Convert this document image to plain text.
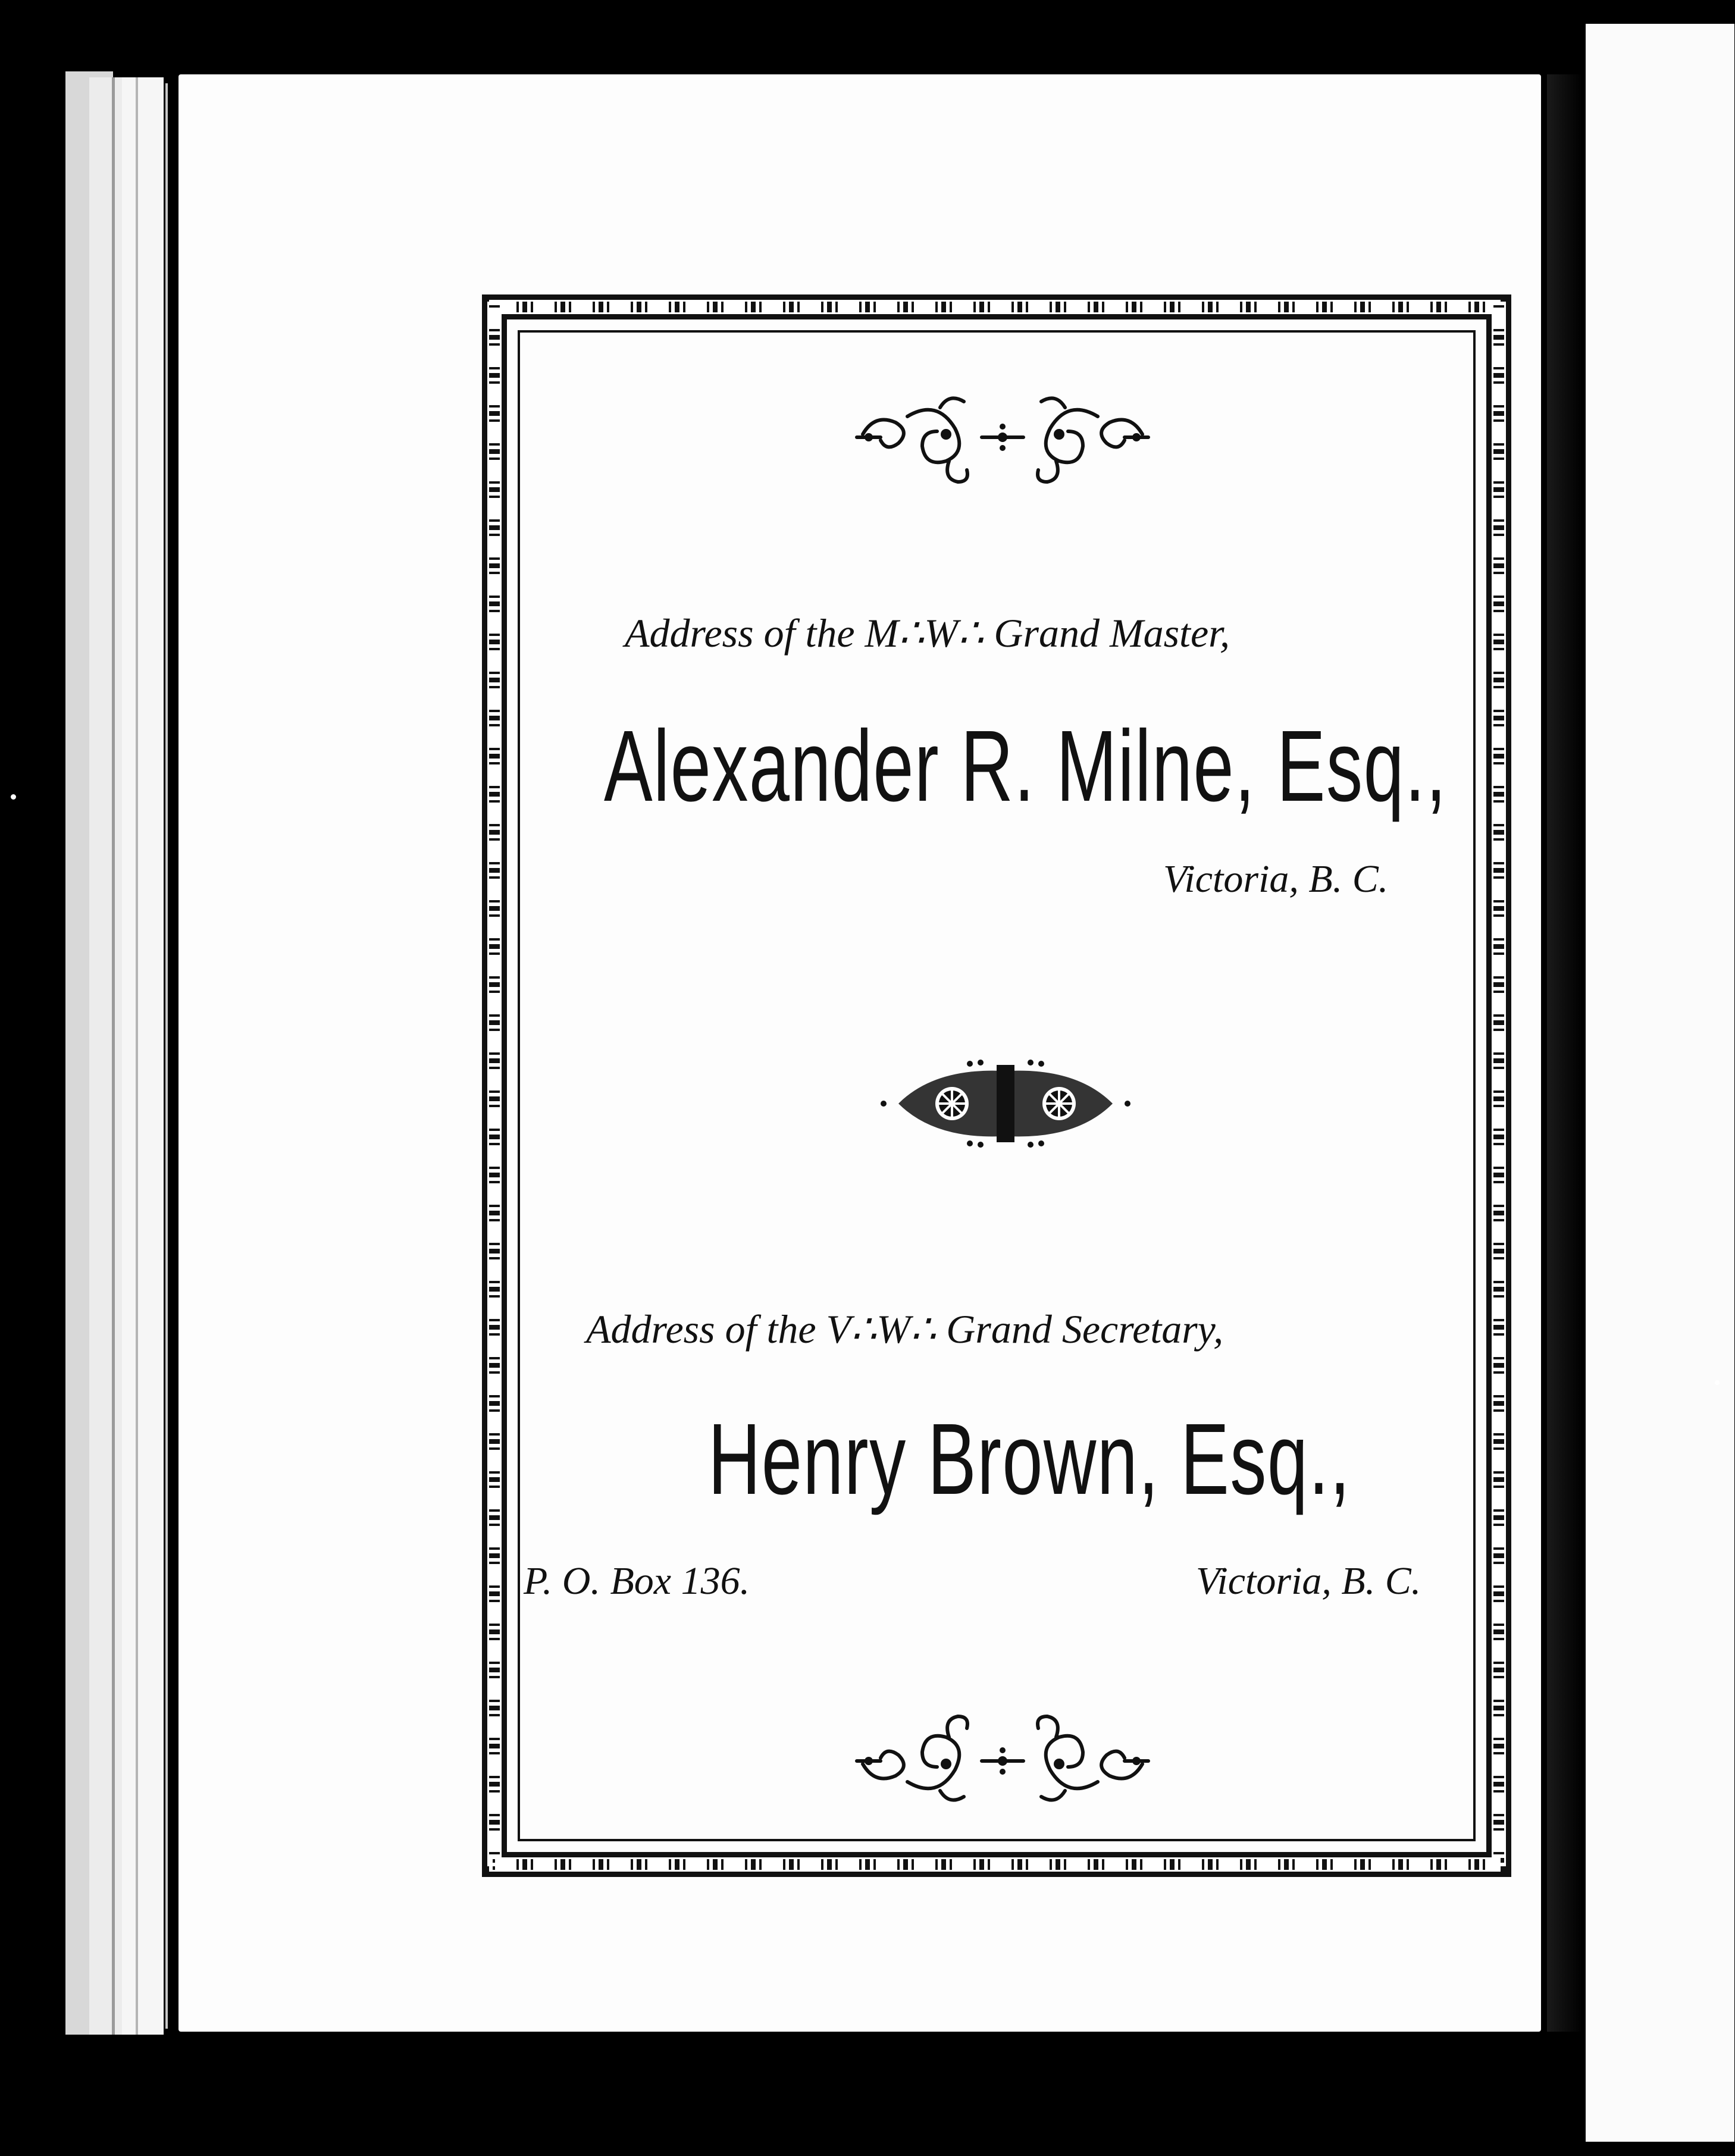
Address of the M∴W∴ Grand Master,
Alexander R. Milne, Esq.,
Victoria, B. C.
Address of the V∴W∴ Grand Secretary,
Henry Brown, Esq.,
P. O. Box 136.	Victoria, B. C.
